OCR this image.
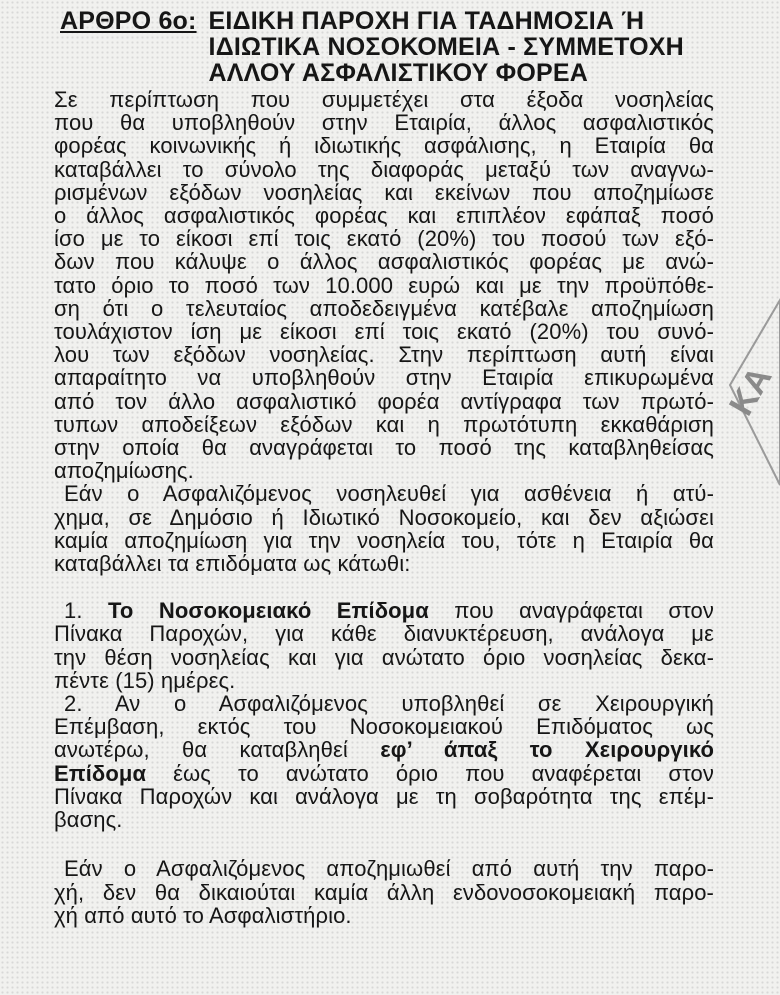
ΑΡΘΡΟ 6ο: ΕΙΔΙΚΗ ΠΑΡΟΧΗ ΓΙΑ ΤΑΔΗΜΟΣΙΑ Ή
ΙΔΙΩΤΙΚΑ ΝΟΣΟΚΟΜΕΙΑ - ΣΥΜΜΕΤΟΧΗ
ΑΛΛΟΥ ΑΣΦΑΛΙΣΤΙΚΟΥ ΦΟΡΕΑ
Σε περίπτωση που συμμετέχει στα έξοδα νοσηλείας
που θα υποβληθούν στην Εταιρία, άλλος ασφαλιστικός
φορέας κοινωνικής ή ιδιωτικής ασφάλισης, η Εταιρία θα
καταβάλλει το σύνολο της διαφοράς μεταξύ των αναγνω-
ρισμένων εξόδων νοσηλείας και εκείνων που αποζημίωσε
ο άλλος ασφαλιστικός φορέας και επιπλέον εφάπαξ ποσό
ίσο με το είκοσι επί τοις εκατό (20%) του ποσού των εξό-
δων που κάλυψε ο άλλος ασφαλιστικός φορέας με ανώ-
τατο όριο το ποσό των 10.000 ευρώ και με την προϋπόθε-
ση ότι ο τελευταίος αποδεδειγμένα κατέβαλε αποζημίωση
τουλάχιστον ίση με είκοσι επί τοις εκατό (20%) του συνό-
λου των εξόδων νοσηλείας. Στην περίπτωση αυτή είναι
απαραίτητο να υποβληθούν στην Εταιρία επικυρωμένα
από τον άλλο ασφαλιστικό φορέα αντίγραφα των πρωτό-
τυπων αποδείξεων εξόδων και η πρωτότυπη εκκαθάριση
στην οποία θα αναγράφεται το ποσό της καταβληθείσας
αποζημίωσης.
Εάν ο Ασφαλιζόμενος νοσηλευθεί για ασθένεια ή ατύ-
χημα, σε Δημόσιο ή Ιδιωτικό Νοσοκομείο, και δεν αξιώσει
καμία αποζημίωση για την νοσηλεία του, τότε η Εταιρία θα
καταβάλλει τα επιδόματα ως κάτωθι:
1. Το Νοσοκομειακό Επίδομα που αναγράφεται στον
Πίνακα Παροχών, για κάθε διανυκτέρευση, ανάλογα με
την θέση νοσηλείας και για ανώτατο όριο νοσηλείας δεκα-
πέντε (15) ημέρες.
2. Αν ο Ασφαλιζόμενος υποβληθεί σε Χειρουργική
Επέμβαση, εκτός του Νοσοκομειακού Επιδόματος ως
ανωτέρω, θα καταβληθεί εφ’ άπαξ το Χειρουργικό
Επίδομα έως το ανώτατο όριο που αναφέρεται στον
Πίνακα Παροχών και ανάλογα με τη σοβαρότητα της επέμ-
βασης.
Εάν ο Ασφαλιζόμενος αποζημιωθεί από αυτή την παρο-
χή, δεν θα δικαιούται καμία άλλη ενδονοσοκομειακή παρο-
χή από αυτό το Ασφαλιστήριο.
ΚΑ
